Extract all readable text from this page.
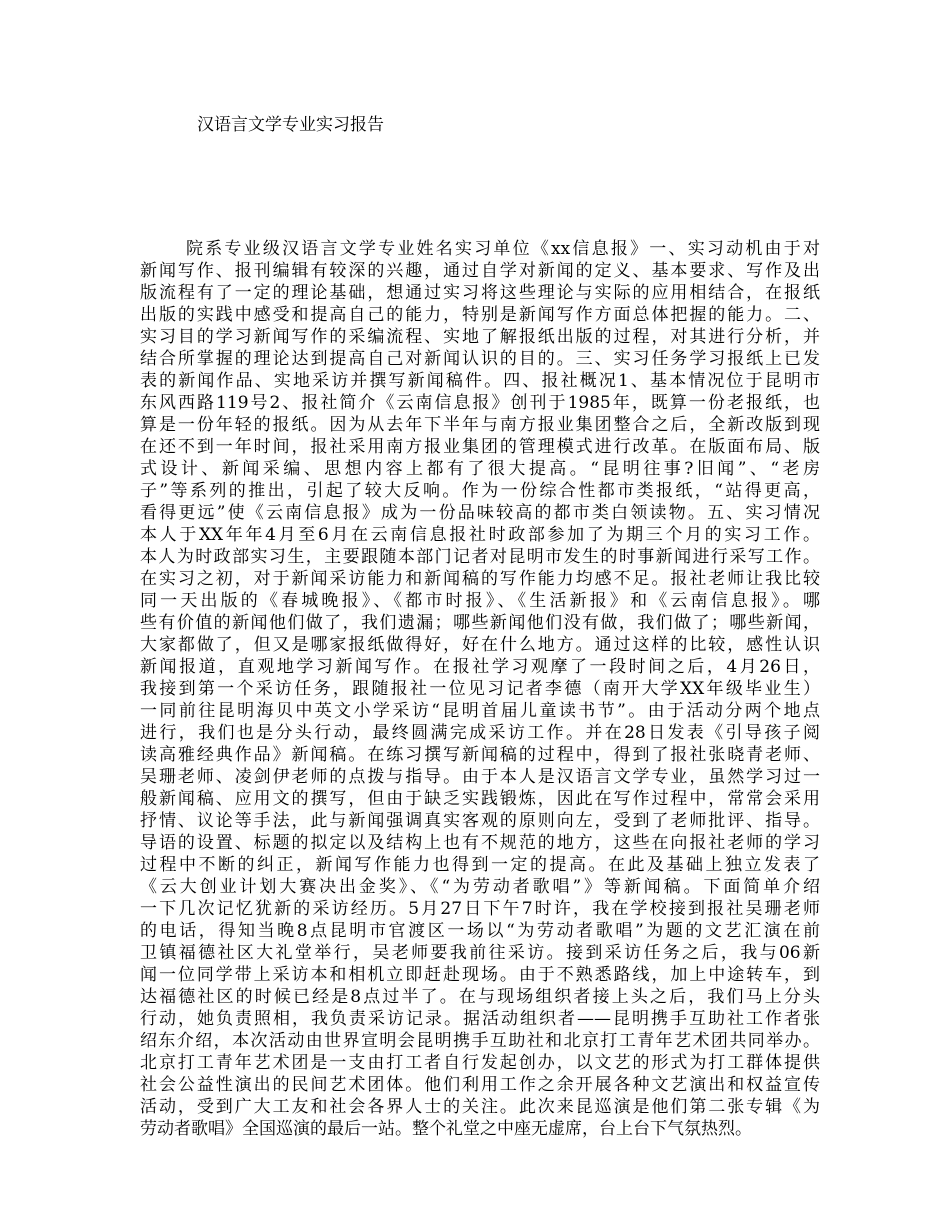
汉语言文学专业实习报告
院系专业级汉语言文学专业姓名实习单位《xx信息报》一、实习动机由于对
新闻写作、报刊编辑有较深的兴趣，通过自学对新闻的定义、基本要求、写作及出
版流程有了一定的理论基础，想通过实习将这些理论与实际的应用相结合，在报纸
出版的实践中感受和提高自己的能力，特别是新闻写作方面总体把握的能力。二、
实习目的学习新闻写作的采编流程、实地了解报纸出版的过程，对其进行分析，并
结合所掌握的理论达到提高自己对新闻认识的目的。三、实习任务学习报纸上已发
表的新闻作品、实地采访并撰写新闻稿件。四、报社概况1、基本情况位于昆明市
东风西路119号2、报社简介《云南信息报》创刊于1985年，既算一份老报纸，也
算是一份年轻的报纸。因为从去年下半年与南方报业集团整合之后，全新改版到现
在还不到一年时间，报社采用南方报业集团的管理模式进行改革。在版面布局、版
式设计、新闻采编、思想内容上都有了很大提高。“昆明往事?旧闻”、“老房
子”等系列的推出，引起了较大反响。作为一份综合性都市类报纸，“站得更高，
看得更远”使《云南信息报》成为一份品味较高的都市类白领读物。五、实习情况
本人于XX年年4月至6月在云南信息报社时政部参加了为期三个月的实习工作。
本人为时政部实习生，主要跟随本部门记者对昆明市发生的时事新闻进行采写工作。
在实习之初，对于新闻采访能力和新闻稿的写作能力均感不足。报社老师让我比较
同一天出版的《春城晚报》、《都市时报》、《生活新报》和《云南信息报》。哪
些有价值的新闻他们做了，我们遗漏；哪些新闻他们没有做，我们做了；哪些新闻，
大家都做了，但又是哪家报纸做得好，好在什么地方。通过这样的比较，感性认识
新闻报道，直观地学习新闻写作。在报社学习观摩了一段时间之后，4月26日，
我接到第一个采访任务，跟随报社一位见习记者李德（南开大学XX年级毕业生）
一同前往昆明海贝中英文小学采访“昆明首届儿童读书节”。由于活动分两个地点
进行，我们也是分头行动，最终圆满完成采访工作。并在28日发表《引导孩子阅
读高雅经典作品》新闻稿。在练习撰写新闻稿的过程中，得到了报社张晓青老师、
吴珊老师、凌剑伊老师的点拨与指导。由于本人是汉语言文学专业，虽然学习过一
般新闻稿、应用文的撰写，但由于缺乏实践锻炼，因此在写作过程中，常常会采用
抒情、议论等手法，此与新闻强调真实客观的原则向左，受到了老师批评、指导。
导语的设置、标题的拟定以及结构上也有不规范的地方，这些在向报社老师的学习
过程中不断的纠正，新闻写作能力也得到一定的提高。在此及基础上独立发表了
《云大创业计划大赛决出金奖》、《“为劳动者歌唱”》等新闻稿。下面简单介绍
一下几次记忆犹新的采访经历。5月27日下午7时许，我在学校接到报社吴珊老师
的电话，得知当晚8点昆明市官渡区一场以“为劳动者歌唱”为题的文艺汇演在前
卫镇福德社区大礼堂举行，吴老师要我前往采访。接到采访任务之后，我与06新
闻一位同学带上采访本和相机立即赶赴现场。由于不熟悉路线，加上中途转车，到
达福德社区的时候已经是8点过半了。在与现场组织者接上头之后，我们马上分头
行动，她负责照相，我负责采访记录。据活动组织者——昆明携手互助社工作者张
绍东介绍，本次活动由世界宣明会昆明携手互助社和北京打工青年艺术团共同举办。
北京打工青年艺术团是一支由打工者自行发起创办，以文艺的形式为打工群体提供
社会公益性演出的民间艺术团体。他们利用工作之余开展各种文艺演出和权益宣传
活动，受到广大工友和社会各界人士的关注。此次来昆巡演是他们第二张专辑《为
劳动者歌唱》全国巡演的最后一站。整个礼堂之中座无虚席，台上台下气氛热烈。
